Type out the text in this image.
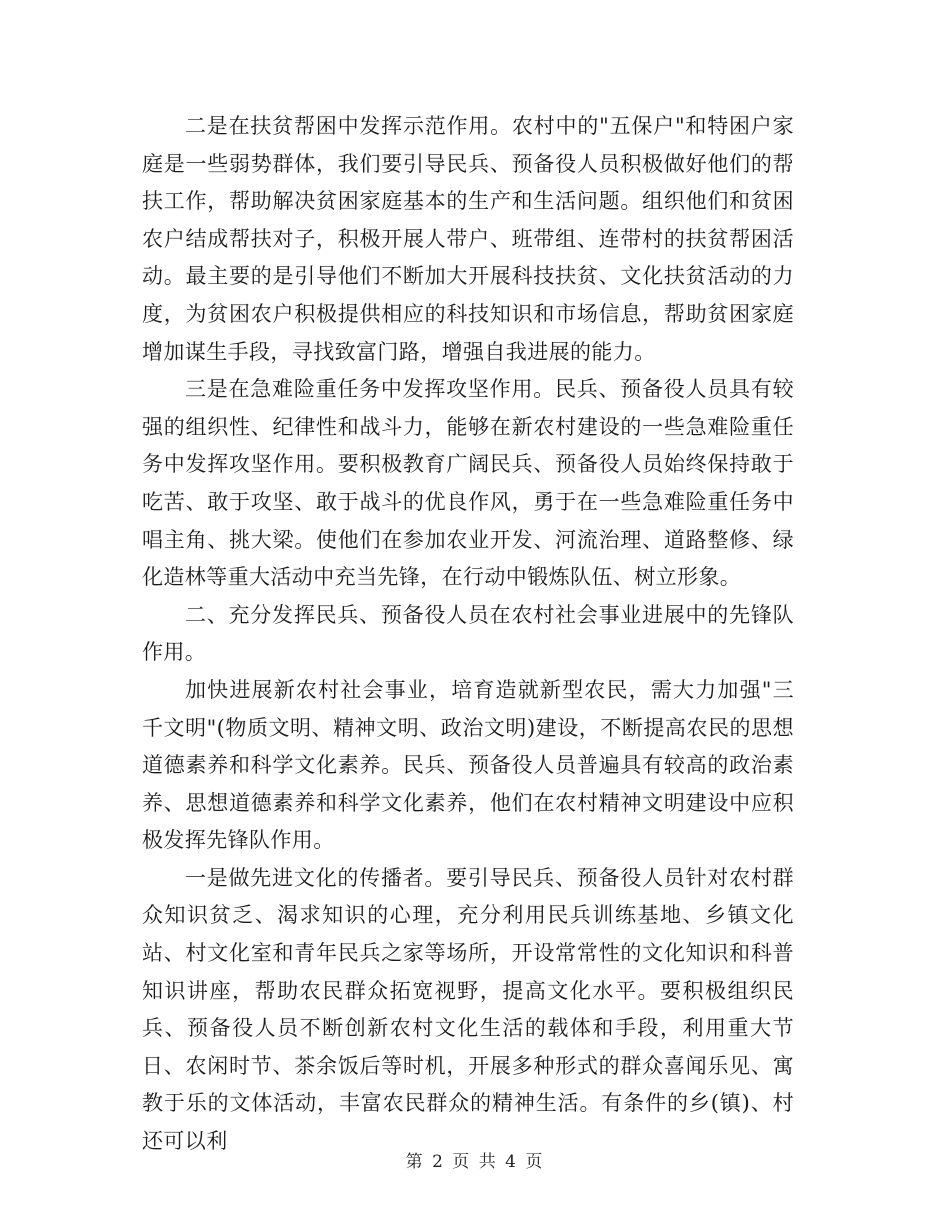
二是在扶贫帮困中发挥示范作用。农村中的"五保户"和特困户家庭是一些弱势群体，我们要引导民兵、预备役人员积极做好他们的帮扶工作，帮助解决贫困家庭基本的生产和生活问题。组织他们和贫困农户结成帮扶对子，积极开展人带户、班带组、连带村的扶贫帮困活动。最主要的是引导他们不断加大开展科技扶贫、文化扶贫活动的力度，为贫困农户积极提供相应的科技知识和市场信息，帮助贫困家庭增加谋生手段，寻找致富门路，增强自我进展的能力。

三是在急难险重任务中发挥攻坚作用。民兵、预备役人员具有较强的组织性、纪律性和战斗力，能够在新农村建设的一些急难险重任务中发挥攻坚作用。要积极教育广阔民兵、预备役人员始终保持敢于吃苦、敢于攻坚、敢于战斗的优良作风，勇于在一些急难险重任务中唱主角、挑大梁。使他们在参加农业开发、河流治理、道路整修、绿化造林等重大活动中充当先锋，在行动中锻炼队伍、树立形象。

二、充分发挥民兵、预备役人员在农村社会事业进展中的先锋队作用。

加快进展新农村社会事业，培育造就新型农民，需大力加强"三千文明"(物质文明、精神文明、政治文明)建设，不断提高农民的思想道德素养和科学文化素养。民兵、预备役人员普遍具有较高的政治素养、思想道德素养和科学文化素养，他们在农村精神文明建设中应积极发挥先锋队作用。

一是做先进文化的传播者。要引导民兵、预备役人员针对农村群众知识贫乏、渴求知识的心理，充分利用民兵训练基地、乡镇文化站、村文化室和青年民兵之家等场所，开设常常性的文化知识和科普知识讲座，帮助农民群众拓宽视野，提高文化水平。要积极组织民兵、预备役人员不断创新农村文化生活的载体和手段，利用重大节日、农闲时节、茶余饭后等时机，开展多种形式的群众喜闻乐见、寓教于乐的文体活动，丰富农民群众的精神生活。有条件的乡(镇)、村还可以利

第 2 页 共 4 页
